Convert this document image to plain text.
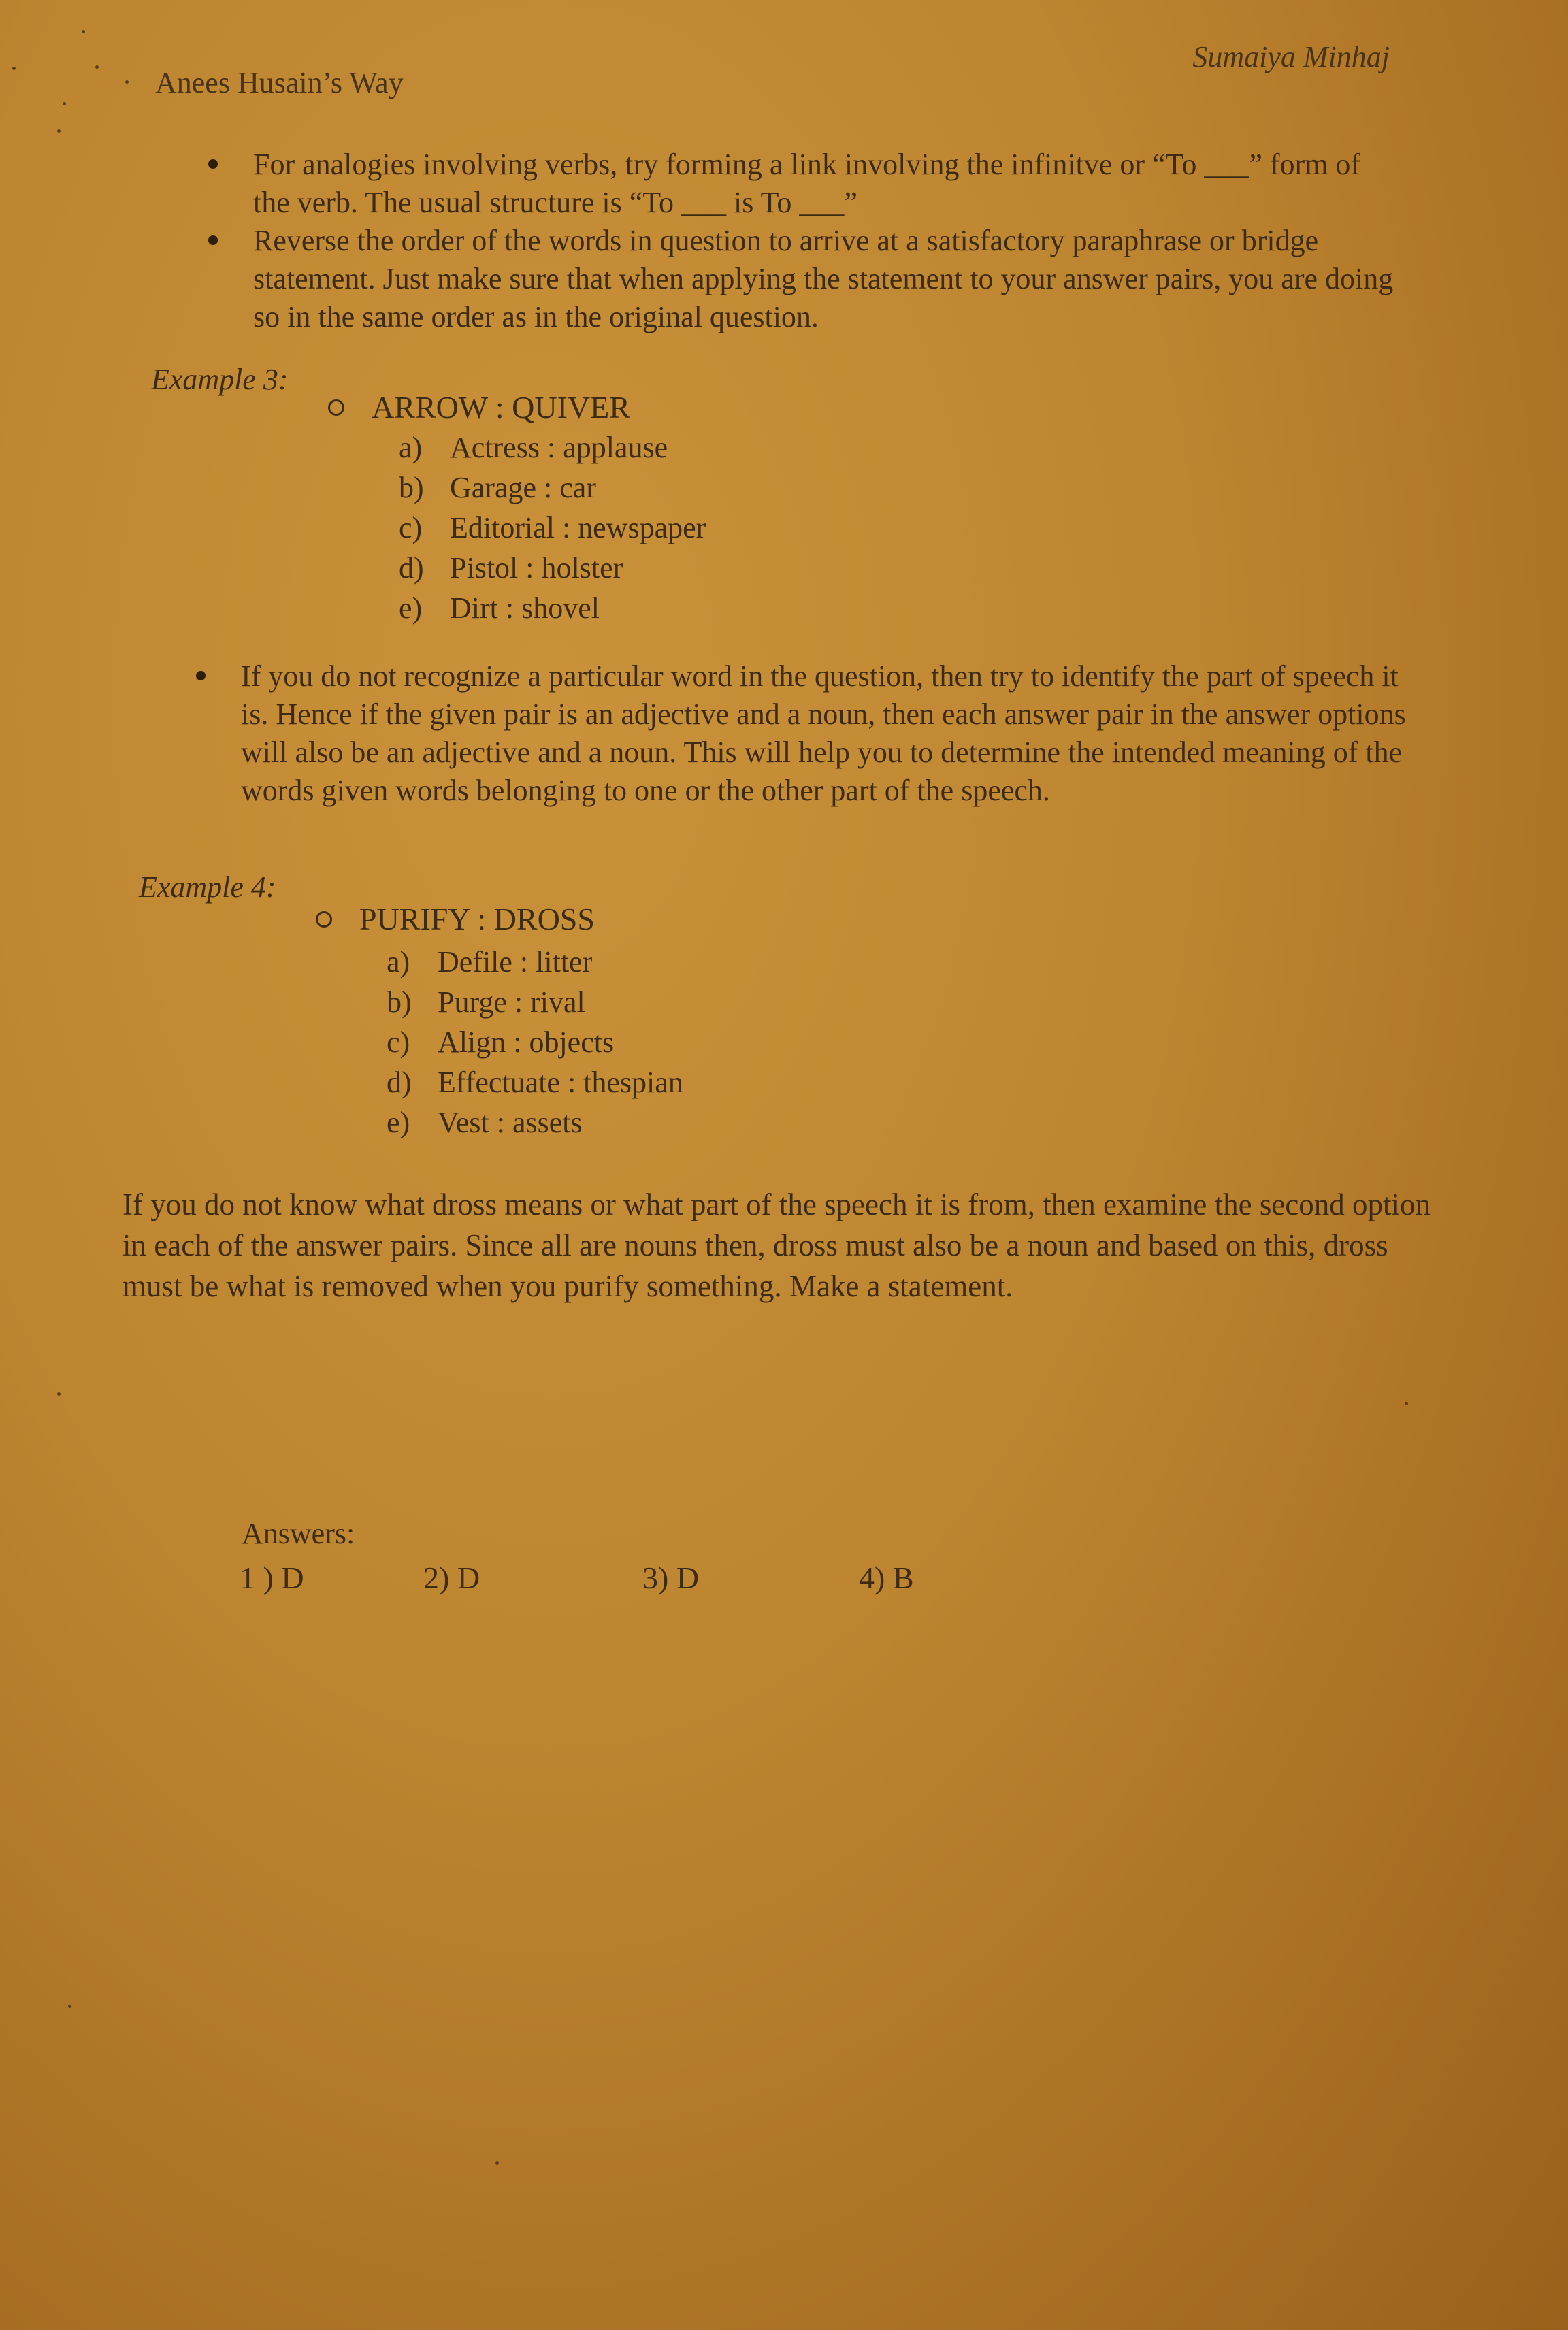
Anees Husain’s Way
Sumaiya Minhaj
For analogies involving verbs, try forming a link involving the infinitve or “To ___” form of the verb. The usual structure is “To ___ is To ___”
Reverse the order of the words in question to arrive at a satisfactory paraphrase or bridge statement. Just make sure that when applying the statement to your answer pairs, you are doing so in the same order as in the original question.
Example 3:
ARROW : QUIVER
a) Actress : applause
b) Garage : car
c) Editorial : newspaper
d) Pistol : holster
e) Dirt : shovel
If you do not recognize a particular word in the question, then try to identify the part of speech it is. Hence if the given pair is an adjective and a noun, then each answer pair in the answer options will also be an adjective and a noun. This will help you to determine the intended meaning of the words given words belonging to one or the other part of the speech.
Example 4:
PURIFY : DROSS
a) Defile : litter
b) Purge : rival
c) Align : objects
d) Effectuate : thespian
e) Vest : assets
If you do not know what dross means or what part of the speech it is from, then examine the second option in each of the answer pairs. Since all are nouns then, dross must also be a noun and based on this, dross must be what is removed when you purify something. Make a statement.
Answers:
1 ) D	2) D	3) D	4) B
